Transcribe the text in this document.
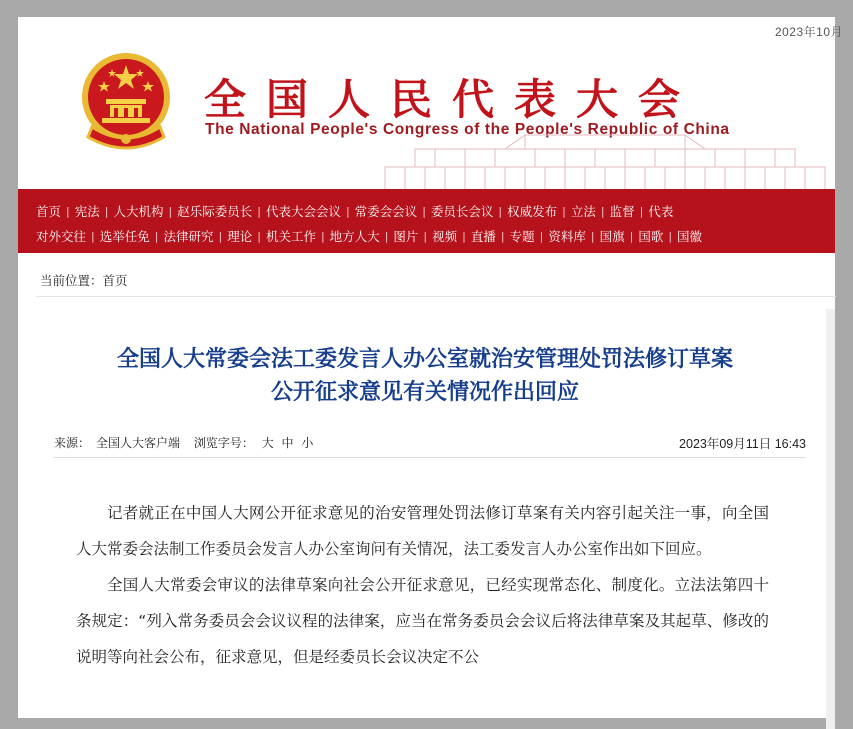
2023年10月
全国人民代表大会
The National People's Congress of the People's Republic of China
首页 | 宪法 | 人大机构 | 赵乐际委员长 | 代表大会会议 | 常委会会议 | 委员长会议 | 权威发布 | 立法 | 监督 | 代表
对外交往 | 选举任免 | 法律研究 | 理论 | 机关工作 | 地方人大 | 图片 | 视频 | 直播 | 专题 | 资料库 | 国旗 | 国歌 | 国徽
当前位置：首页
全国人大常委会法工委发言人办公室就治安管理处罚法修订草案
公开征求意见有关情况作出回应
来源： 全国人大客户端 浏览字号： 大 中 小	2023年09月11日 16:43

记者就正在中国人大网公开征求意见的治安管理处罚法修订草案有关内容引起关注一事，向全国人大常委会法制工作委员会发言人办公室询问有关情况，法工委发言人办公室作出如下回应。

全国人大常委会审议的法律草案向社会公开征求意见，已经实现常态化、制度化。立法法第四十条规定：“列入常务委员会会议议程的法律案，应当在常务委员会会议后将法律草案及其起草、修改的说明等向社会公布，征求意见，但是经委员长会议决定不公
